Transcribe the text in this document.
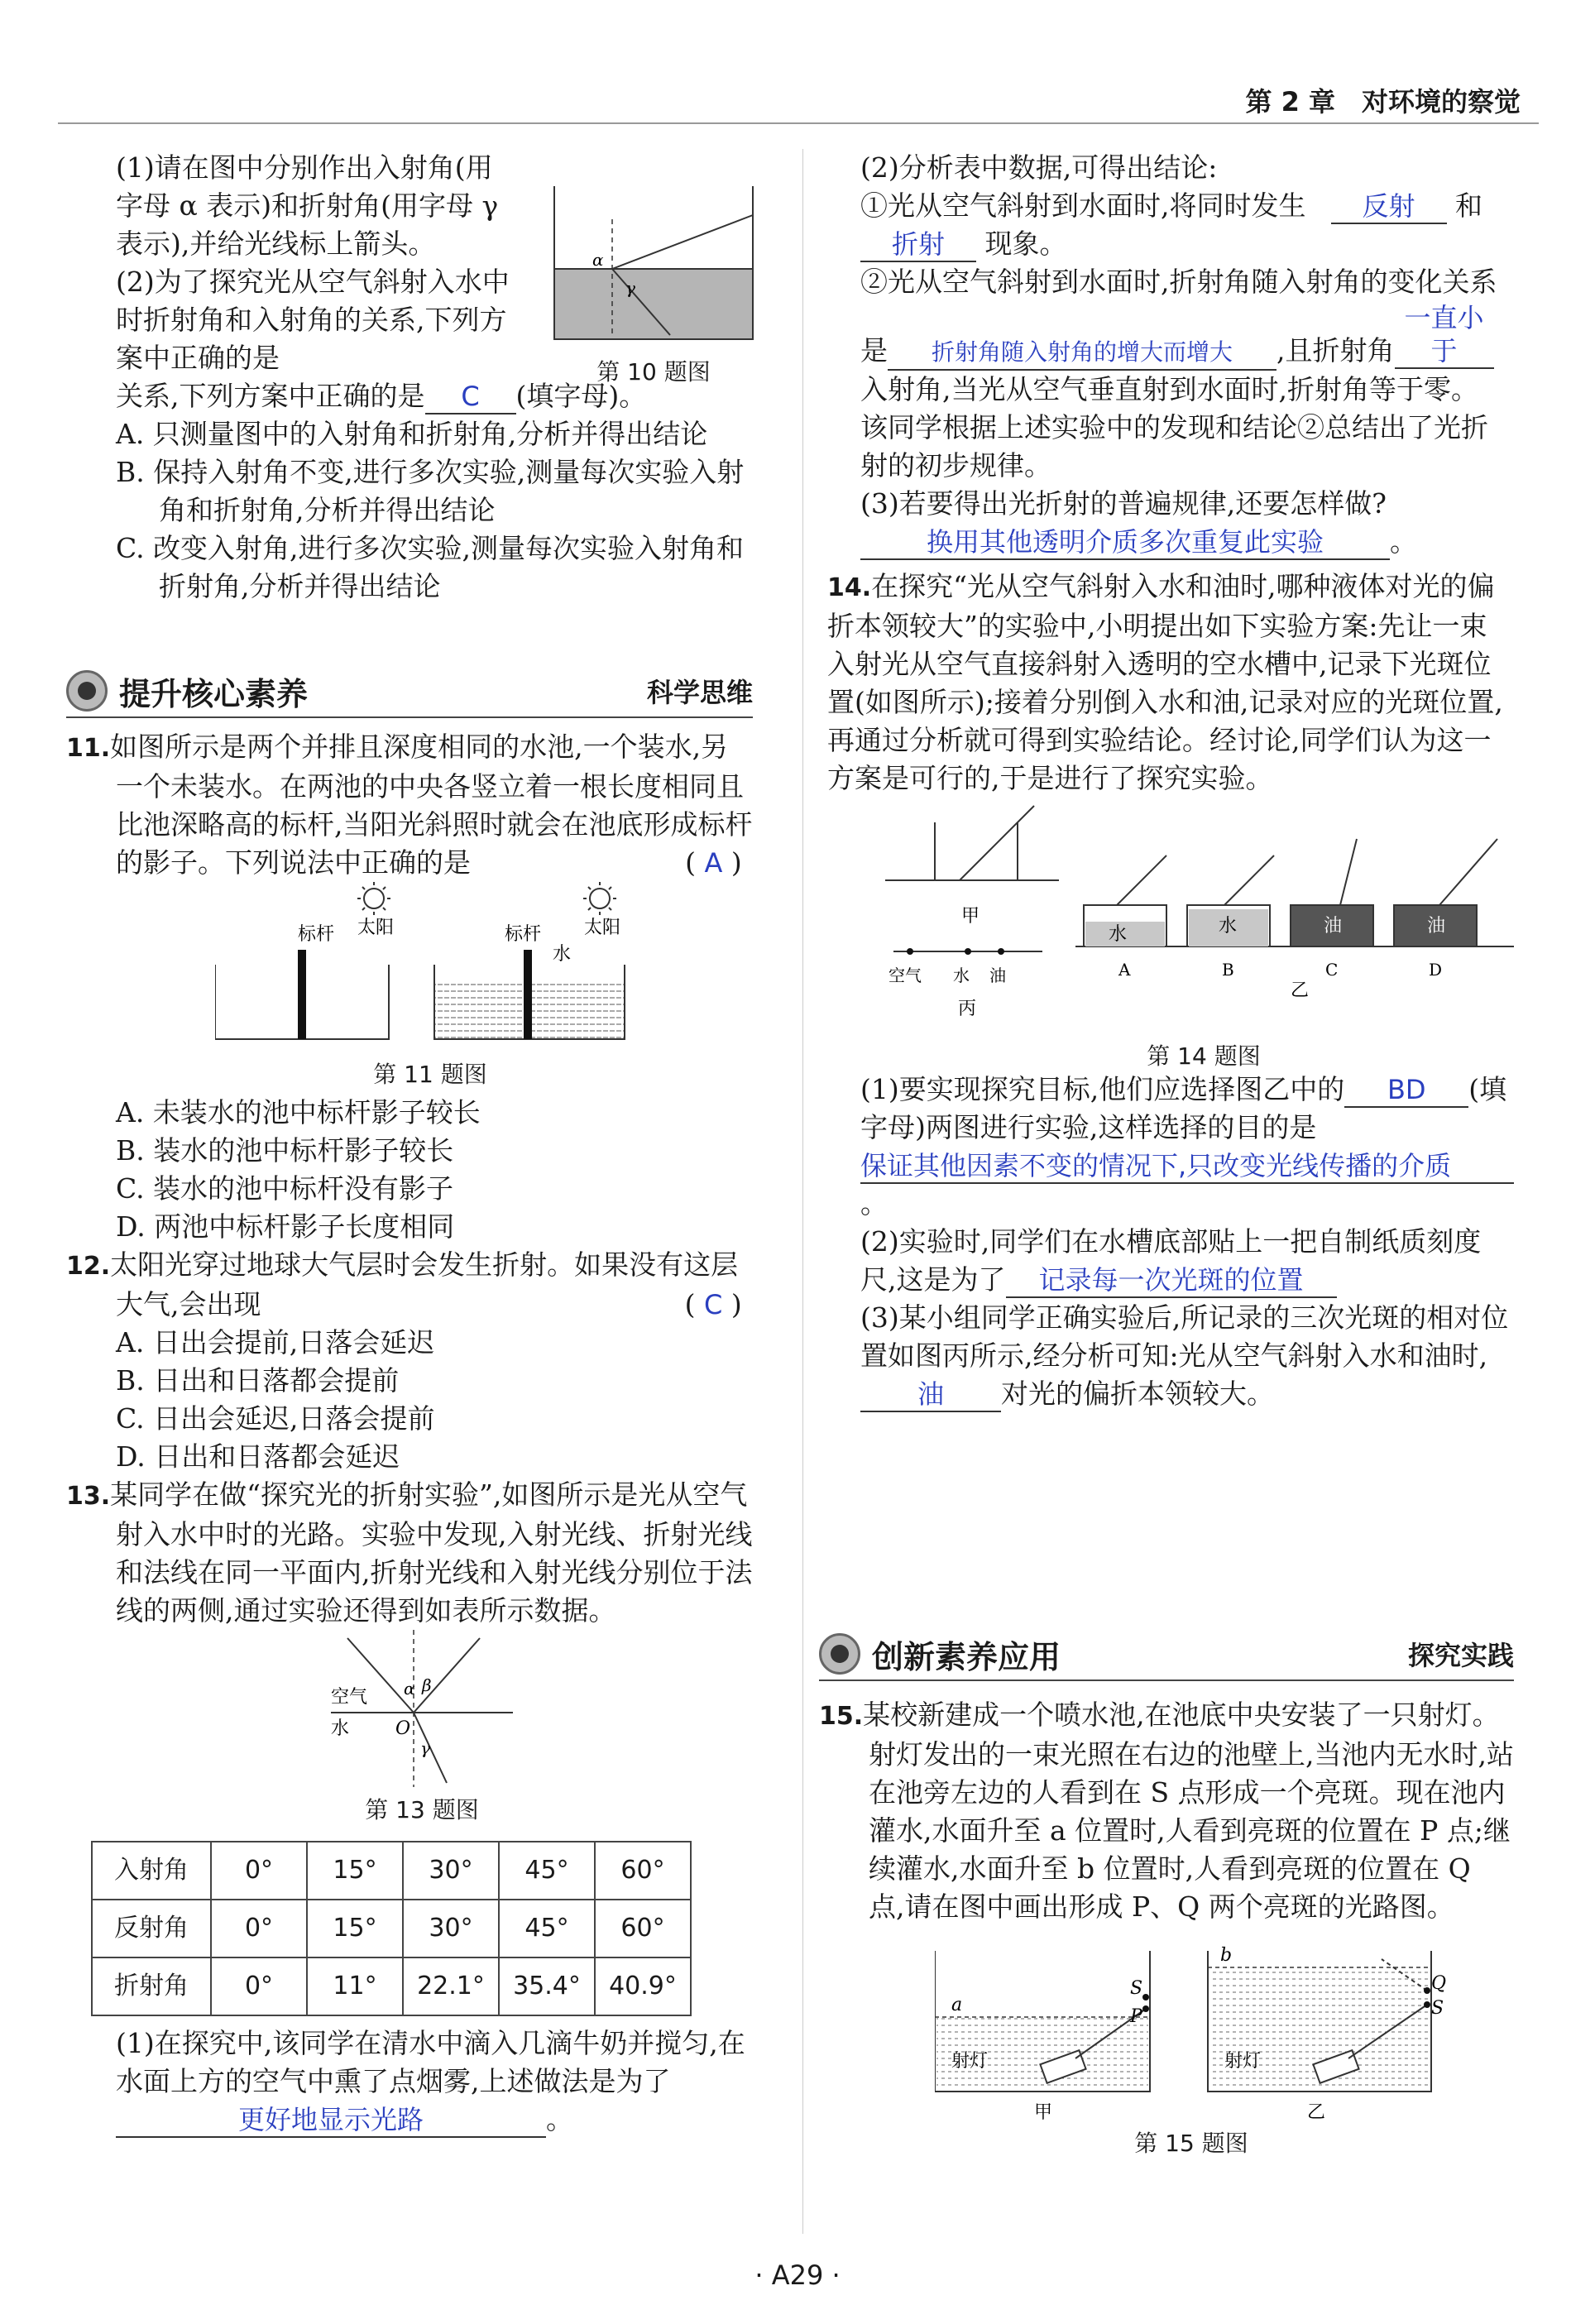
第 2 章　对环境的察觉

(1)请在图中分别作出入射角(用字母 α 表示)和折射角(用字母 γ 表示),并给光线标上箭头。

(2)为了探究光从空气斜射入水中时折射角和入射角的关系,下列方案中正确的是

α
γ
第 10 题图

关系,下列方案中正确的是 C (填字母)。

A. 只测量图中的入射角和折射角,分析并得出结论

B. 保持入射角不变,进行多次实验,测量每次实验入射角和折射角,分析并得出结论

C. 改变入射角,进行多次实验,测量每次实验入射角和折射角,分析并得出结论

提升核心素养	科学思维

11.如图所示是两个并排且深度相同的水池,一个装水,另一个未装水。在两池的中央各竖立着一根长度相同且比池深略高的标杆,当阳光斜照时就会在池底形成标杆的影子。下列说法中正确的是	( A )

标杆 太阳	标杆 太阳
水
第 11 题图

A. 未装水的池中标杆影子较长

B. 装水的池中标杆影子较长

C. 装水的池中标杆没有影子

D. 两池中标杆影子长度相同

12.太阳光穿过地球大气层时会发生折射。如果没有这层大气,会出现	( C )

A. 日出会提前,日落会延迟

B. 日出和日落都会提前

C. 日出会延迟,日落会提前

D. 日出和日落都会延迟

13.某同学在做“探究光的折射实验”,如图所示是光从空气射入水中时的光路。实验中发现,入射光线、折射光线和法线在同一平面内,折射光线和入射光线分别位于法线的两侧,通过实验还得到如表所示数据。

空气
水	O
α β
γ
第 13 题图
入射角	0°	15°	30°	45°	60°
反射角	0°	15°	30°	45°	60°
折射角	0°	11°	22.1°	35.4°	40.9°

(1)在探究中,该同学在清水中滴入几滴牛奶并搅匀,在水面上方的空气中熏了点烟雾,上述做法是为了更好地显示光路	。

(2)分析表中数据,可得出结论:

①光从空气斜射到水面时,将同时发生 反射 和 折射 现象。

②光从空气斜射到水面时,折射角随入射角的变化关系是 折射角随入射角的增大而增大 ,且折射角一直小于入射角,当光从空气垂直射到水面时,折射角等于零。

该同学根据上述实验中的发现和结论②总结出了光折射的初步规律。

(3)若要得出光折射的普遍规律,还要怎样做?换用其他透明介质多次重复此实验 。

14.在探究“光从空气斜射入水和油时,哪种液体对光的偏折本领较大”的实验中,小明提出如下实验方案:先让一束入射光从空气直接斜射入透明的空水槽中,记录下光斑位置(如图所示);接着分别倒入水和油,记录对应的光斑位置,再通过分析就可得到实验结论。经讨论,同学们认为这一方案是可行的,于是进行了探究实验。

甲
水	水	油	油
A	B	C	D
乙
空气 水 油
丙
第 14 题图

(1)要实现探究目标,他们应选择图乙中的 BD (填字母)两图进行实验,这样选择的目的是保证其他因素不变的情况下,只改变光线传播的介质。

(2)实验时,同学们在水槽底部贴上一把自制纸质刻度尺,这是为了 记录每一次光斑的位置

(3)某小组同学正确实验后,所记录的三次光斑的相对位置如图丙所示,经分析可知:光从空气斜射入水和油时,油 对光的偏折本领较大。

创新素养应用	探究实践

15.某校新建成一个喷水池,在池底中央安装了一只射灯。射灯发出的一束光照在右边的池壁上,当池内无水时,站在池旁左边的人看到在 S 点形成一个亮斑。现在池内灌水,水面升至 a 位置时,人看到亮斑的位置在 P 点;继续灌水,水面升至 b 位置时,人看到亮斑的位置在 Q 点,请在图中画出形成 P、Q 两个亮斑的光路图。

a
射灯
S
P
甲
b
射灯
Q
S
乙
第 15 题图
· A29 ·
